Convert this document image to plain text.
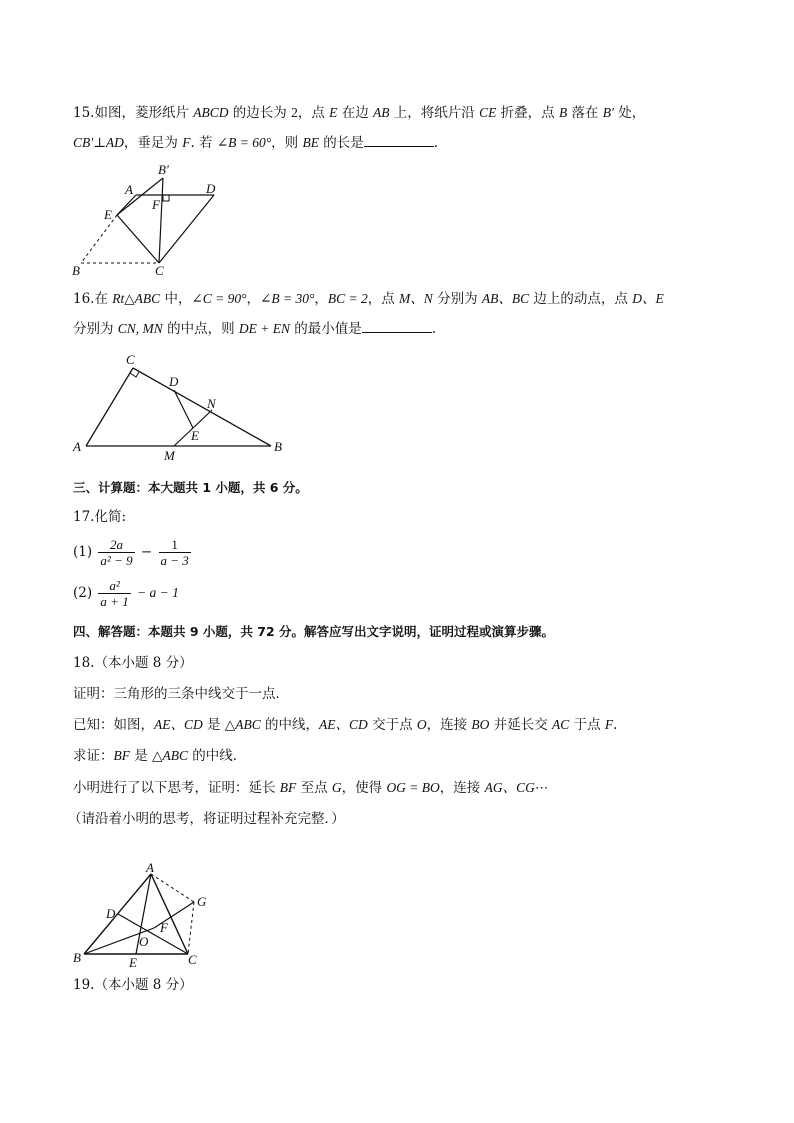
15.如图，菱形纸片 ABCD 的边长为 2，点 E 在边 AB 上，将纸片沿 CE 折叠，点 B 落在 B′ 处，
CB′⊥AD，垂足为 F. 若 ∠B = 60°，则 BE 的长是	.
B′
A	D
F
E
B	C
16.在 Rt△ABC 中，∠C = 90°，∠B = 30°，BC = 2，点 M、N 分别为 AB、BC 边上的动点，点 D、E
分别为 CN, MN 的中点，则 DE + EN 的最小值是	.
C
D
N
E
A
M
B
三、计算题：本大题共 1 小题，共 6 分。
17.化简:
$(1) \frac{2a}{\text{a² − 9}} - \frac{1}{a - 3}$
$(2) \frac{\text{a²}}{a + 1} - a - 1$
四、解答题：本题共 9 小题，共 72 分。解答应写出文字说明，证明过程或演算步骤。
18.（本小题 8 分）
证明：三角形的三条中线交于一点．
已知：如图，AE、CD 是 △ABC 的中线，AE、CD 交于点 O，连接 BO 并延长交 AC 于点 F.
求证：BF 是 △ABC 的中线．
小明进行了以下思考，证明：延长 BF 至点 G，使得 OG = BO，连接 AG、CG⋯
（请沿着小明的思考，将证明过程补充完整．）
A
G
D
F
O
B	E	C
19.（本小题 8 分）
